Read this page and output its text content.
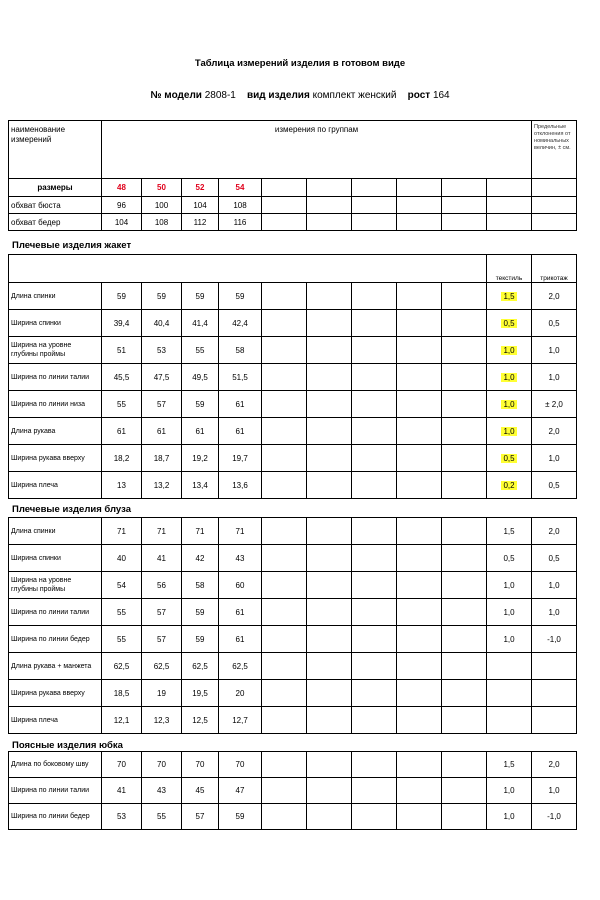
Таблица измерений изделия в готовом виде
№ модели 2808-1 вид изделия комплект женский рост 164
наименование измерений	измерения по группам										Предельные отклонения от номинальных величин, ± см.
размеры	48	50	52	54							
обхват бюста	96	100	104	108							
обхват бедер	104	108	112	116							
Плечевые изделия жакет
										текстиль	трикотаж
Длина спинки	59	59	59	59						1,5	2,0
Ширина спинки	39,4	40,4	41,4	42,4						0,5	0,5
Ширина на уровне глубины проймы	51	53	55	58						1,0	1,0
Ширина по линии талии	45,5	47,5	49,5	51,5						1,0	1,0
Ширина по линии низа	55	57	59	61						1,0	± 2,0
Длина рукава	61	61	61	61						1,0	2,0
Ширина рукава вверху	18,2	18,7	19,2	19,7						0,5	1,0
Ширина плеча	13	13,2	13,4	13,6						0,2	0,5
Плечевые изделия блуза
Длина спинки	71	71	71	71						1,5	2,0
Ширина спинки	40	41	42	43						0,5	0,5
Ширина на уровне глубины проймы	54	56	58	60						1,0	1,0
Ширина по линии талии	55	57	59	61						1,0	1,0
Ширина по линии бедер	55	57	59	61						1,0	-1,0
Длина рукава + манжета	62,5	62,5	62,5	62,5							
Ширина рукава вверху	18,5	19	19,5	20							
Ширина плеча	12,1	12,3	12,5	12,7							
Поясные изделия юбка
Длина по боковому шву	70	70	70	70						1,5	2,0
Ширина по линии талии	41	43	45	47						1,0	1,0
Ширина по линии бедер	53	55	57	59						1,0	-1,0
